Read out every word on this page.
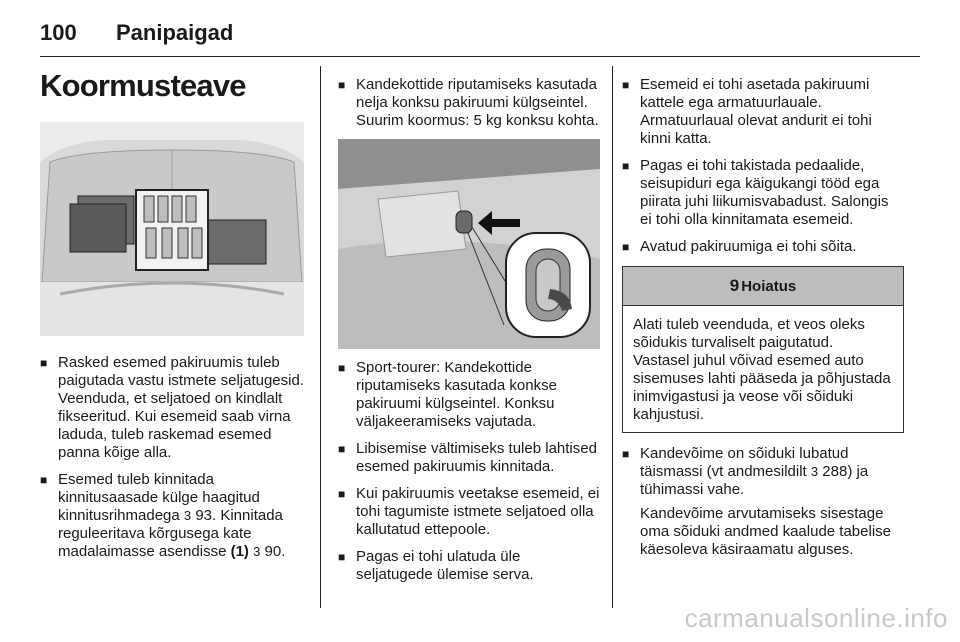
100 Panipaigad
Koormusteave
■ Rasked esemed pakiruumis tuleb paigutada vastu istmete seljatugesid. Veenduda, et seljatoed on kindlalt fikseeritud. Kui esemeid saab virna laduda, tuleb raskemad esemed panna kõige alla.

■ Esemed tuleb kinnitada kinnitusaasade külge haagitud kinnitusrihmadega 3 93. Kinnitada reguleeritava kõrgusega kate madalaimasse asendisse (1) 3 90.

■ Kandekottide riputamiseks kasutada nelja konksu pakiruumi külgseintel. Suurim koormus: 5 kg konksu kohta.

■ Sport-tourer: Kandekottide riputamiseks kasutada konkse pakiruumi külgseintel. Konksu väljakeeramiseks vajutada.

■ Libisemise vältimiseks tuleb lahtised esemed pakiruumis kinnitada.

■ Kui pakiruumis veetakse esemeid, ei tohi tagumiste istmete seljatoed olla kallutatud ettepoole.

■ Pagas ei tohi ulatuda üle seljatugede ülemise serva.

■ Esemeid ei tohi asetada pakiruumi kattele ega armatuurlauale. Armatuurlaual olevat andurit ei tohi kinni katta.

■ Pagas ei tohi takistada pedaalide, seisupiduri ega käigukangi tööd ega piirata juhi liikumisvabadust. Salongis ei tohi olla kinnitamata esemeid.

■ Avatud pakiruumiga ei tohi sõita.

9 Hoiatus
Alati tuleb veenduda, et veos oleks sõidukis turvaliselt paigutatud. Vastasel juhul võivad esemed auto sisemuses lahti pääseda ja põhjustada inimvigastusi ja veose või sõiduki kahjustusi.
■ Kandevõime on sõiduki lubatud täismassi (vt andmesildilt 3 288) ja tühimassi vahe.

Kandevõime arvutamiseks sisestage oma sõiduki andmed kaalude tabelise käesoleva käsiraamatu alguses.

carmanualsonline.info
